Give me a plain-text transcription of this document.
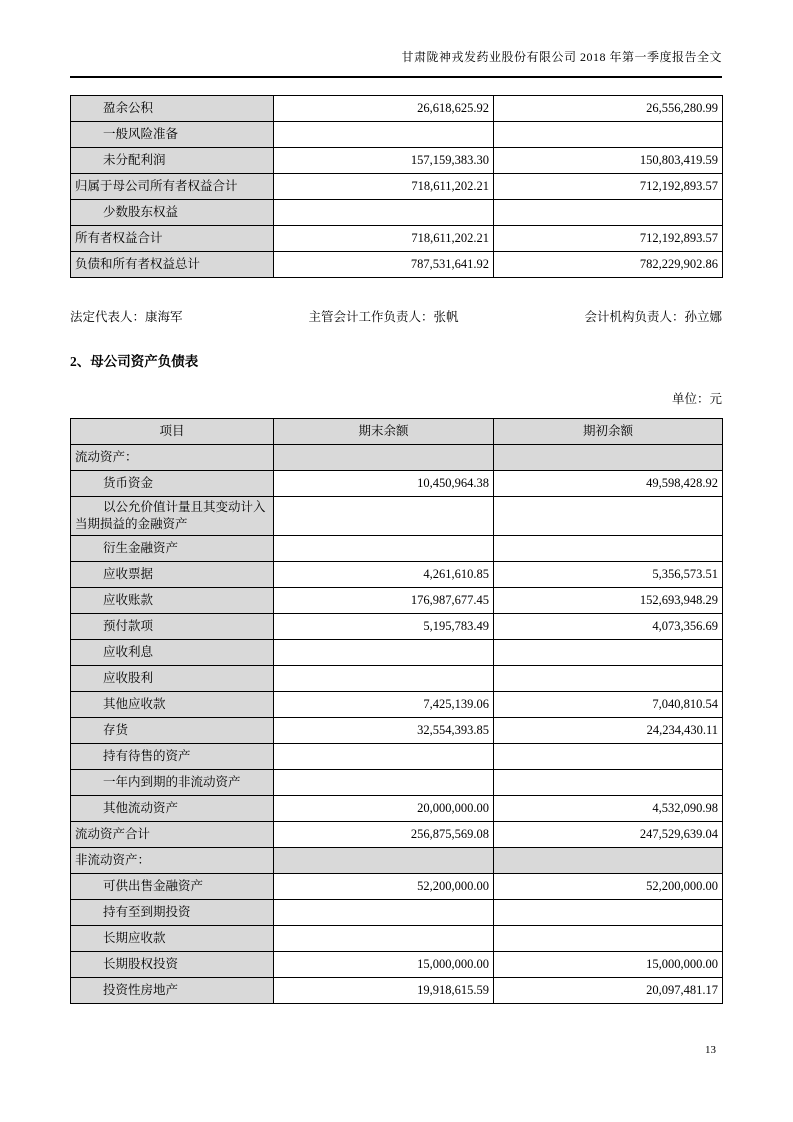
甘肃陇神戎发药业股份有限公司 2018 年第一季度报告全文
盈余公积	26,618,625.92	26,556,280.99
一般风险准备		
未分配利润	157,159,383.30	150,803,419.59
归属于母公司所有者权益合计	718,611,202.21	712,192,893.57
少数股东权益		
所有者权益合计	718,611,202.21	712,192,893.57
负债和所有者权益总计	787,531,641.92	782,229,902.86
法定代表人：康海军	主管会计工作负责人：张帆	会计机构负责人：孙立娜
2、母公司资产负债表
单位：元
项目	期末余额	期初余额
流动资产：		
货币资金	10,450,964.38	49,598,428.92
以公允价值计量且其变动计入当期损益的金融资产		
衍生金融资产		
应收票据	4,261,610.85	5,356,573.51
应收账款	176,987,677.45	152,693,948.29
预付款项	5,195,783.49	4,073,356.69
应收利息		
应收股利		
其他应收款	7,425,139.06	7,040,810.54
存货	32,554,393.85	24,234,430.11
持有待售的资产		
一年内到期的非流动资产		
其他流动资产	20,000,000.00	4,532,090.98
流动资产合计	256,875,569.08	247,529,639.04
非流动资产：		
可供出售金融资产	52,200,000.00	52,200,000.00
持有至到期投资		
长期应收款		
长期股权投资	15,000,000.00	15,000,000.00
投资性房地产	19,918,615.59	20,097,481.17
13
